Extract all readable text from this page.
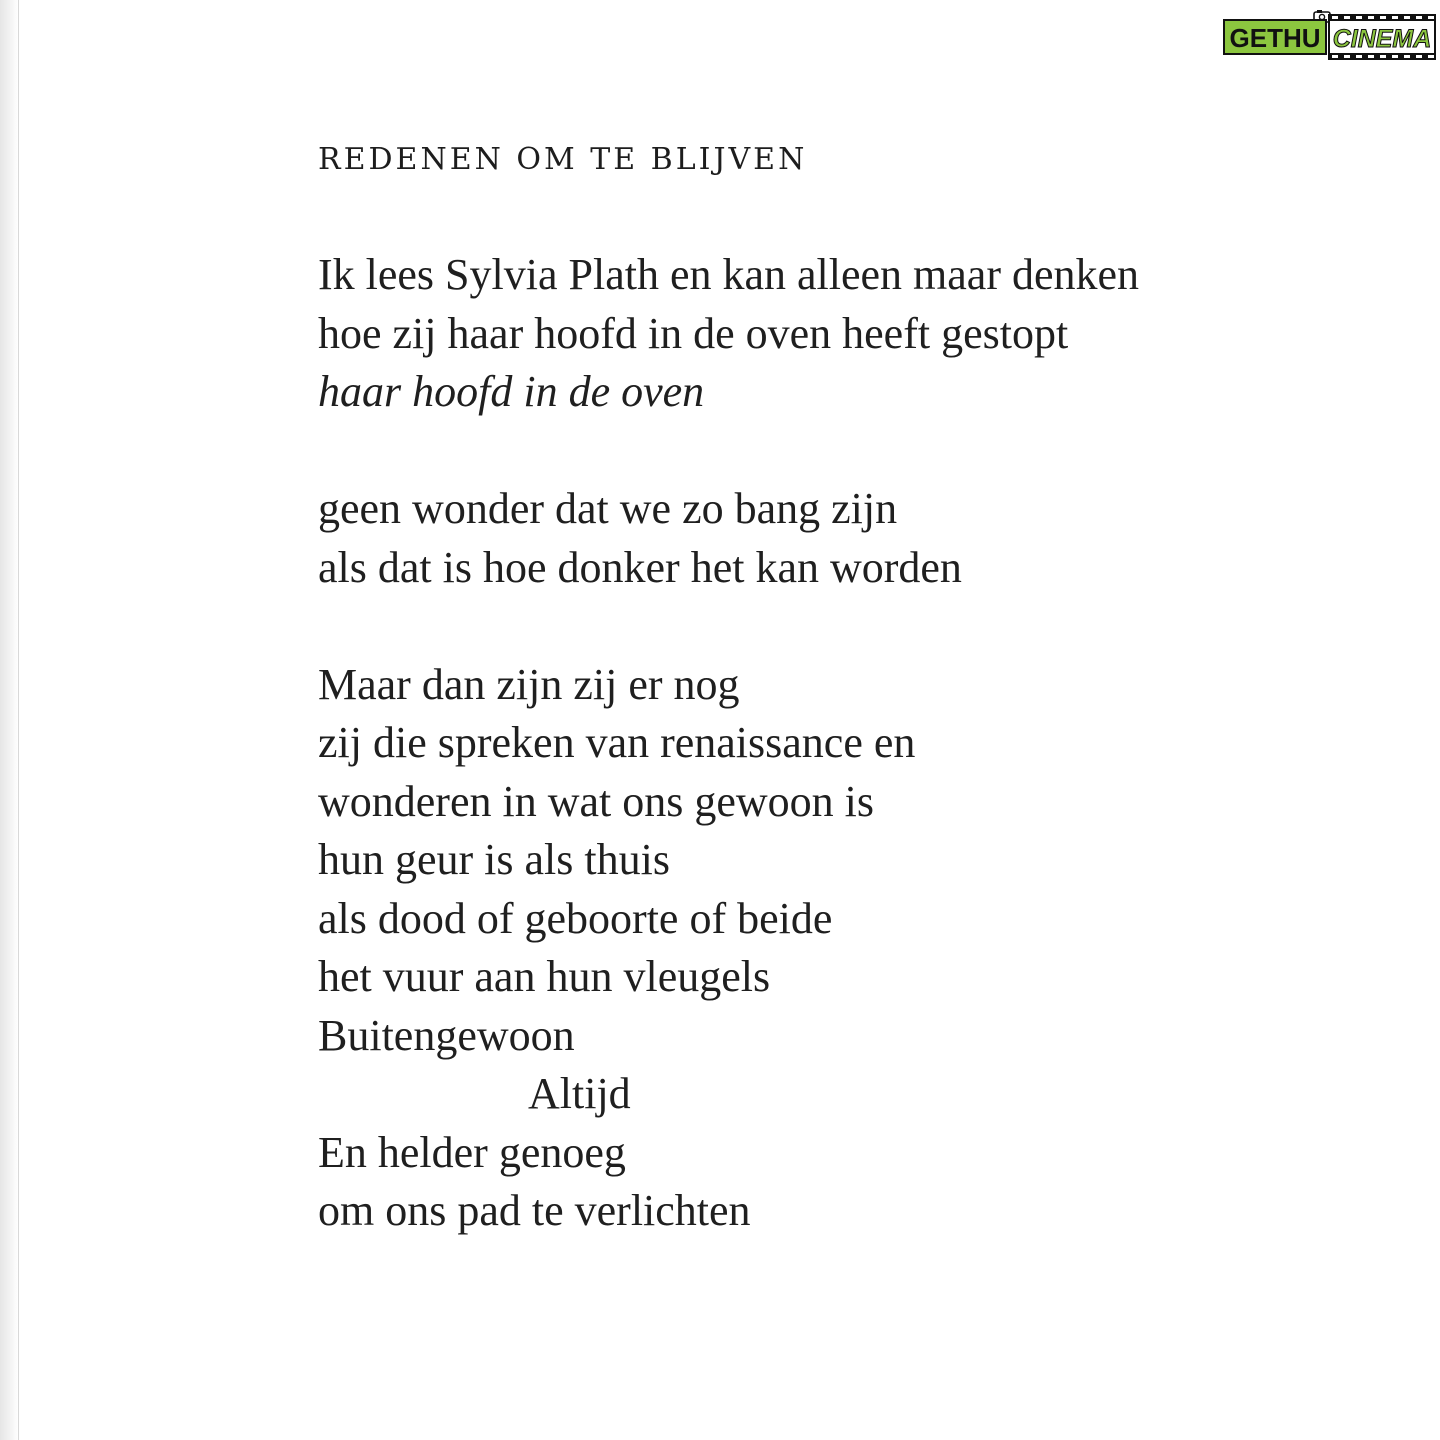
GETHU CINEMA
REDENEN OM TE BLIJVEN
Ik lees Sylvia Plath en kan alleen maar denken
hoe zij haar hoofd in de oven heeft gestopt
haar hoofd in de oven
geen wonder dat we zo bang zijn
als dat is hoe donker het kan worden
Maar dan zijn zij er nog
zij die spreken van renaissance en
wonderen in wat ons gewoon is
hun geur is als thuis
als dood of geboorte of beide
het vuur aan hun vleugels
Buitengewoon
Altijd
En helder genoeg
om ons pad te verlichten
